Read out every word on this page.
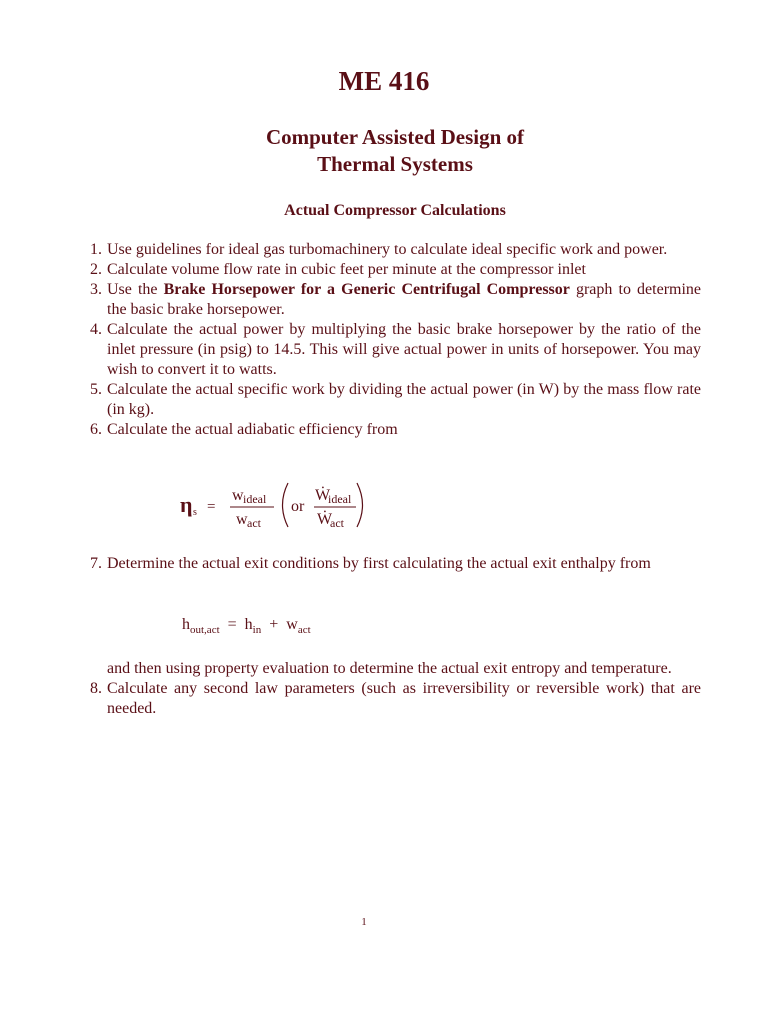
ME 416
Computer Assisted Design of
Thermal Systems
Actual Compressor Calculations
1. Use guidelines for ideal gas turbomachinery to calculate ideal specific work and power.
2. Calculate volume flow rate in cubic feet per minute at the compressor inlet
3. Use the Brake Horsepower for a Generic Centrifugal Compressor graph to determine the basic brake horsepower.
4. Calculate the actual power by multiplying the basic brake horsepower by the ratio of the inlet pressure (in psig) to 14.5. This will give actual power in units of horsepower. You may wish to convert it to watts.
5. Calculate the actual specific work by dividing the actual power (in W) by the mass flow rate (in kg).
6. Calculate the actual adiabatic efficiency from
η s =
w ideal
w act
or
Ẇ
ideal
Ẇ
act
7. Determine the actual exit conditions by first calculating the actual exit enthalpy from
$h_{out,act} = h_{in} + w_{act}$
and then using property evaluation to determine the actual exit entropy and temperature.
8. Calculate any second law parameters (such as irreversibility or reversible work) that are needed.
1
